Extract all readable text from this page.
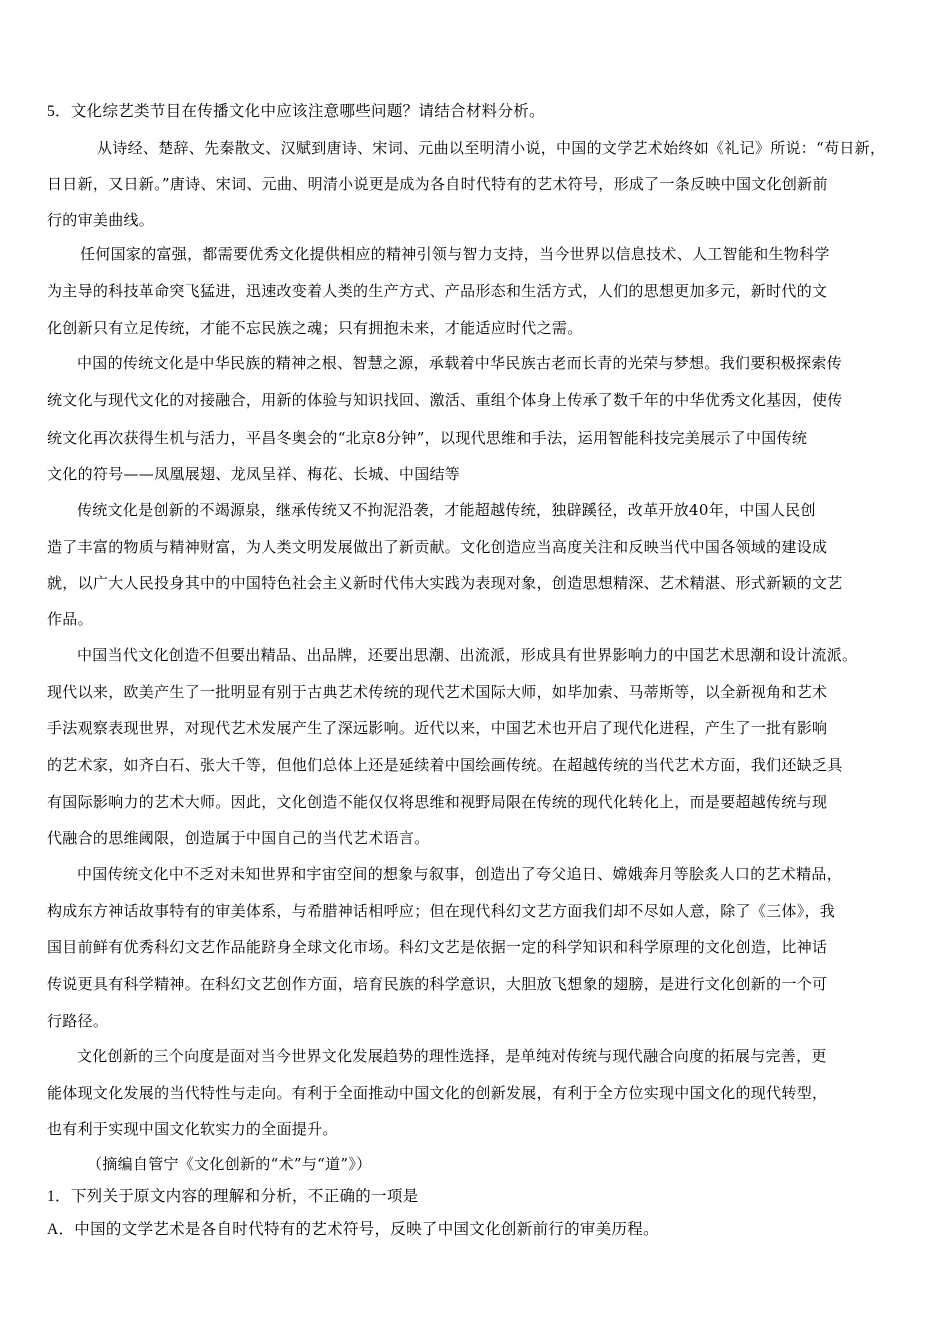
5．文化综艺类节目在传播文化中应该注意哪些问题？请结合材料分析。
从诗经、楚辞、先秦散文、汉赋到唐诗、宋词、元曲以至明清小说，中国的文学艺术始终如《礼记》所说：“苟日新，
日日新，又日新。”唐诗、宋词、元曲、明清小说更是成为各自时代特有的艺术符号，形成了一条反映中国文化创新前
行的审美曲线。
任何国家的富强，都需要优秀文化提供相应的精神引领与智力支持，当今世界以信息技术、人工智能和生物科学
为主导的科技革命突飞猛进，迅速改变着人类的生产方式、产品形态和生活方式，人们的思想更加多元，新时代的文
化创新只有立足传统，才能不忘民族之魂；只有拥抱未来，才能适应时代之需。
中国的传统文化是中华民族的精神之根、智慧之源，承载着中华民族古老而长青的光荣与梦想。我们要积极探索传
统文化与现代文化的对接融合，用新的体验与知识找回、激活、重组个体身上传承了数千年的中华优秀文化基因，使传
统文化再次获得生机与活力，平昌冬奥会的“北京8分钟”，以现代思维和手法，运用智能科技完美展示了中国传统
文化的符号——凤凰展翅、龙凤呈祥、梅花、长城、中国结等
传统文化是创新的不竭源泉，继承传统又不拘泥沿袭，才能超越传统，独辟蹊径，改革开放40年，中国人民创
造了丰富的物质与精神财富，为人类文明发展做出了新贡献。文化创造应当高度关注和反映当代中国各领域的建设成
就，以广大人民投身其中的中国特色社会主义新时代伟大实践为表现对象，创造思想精深、艺术精湛、形式新颖的文艺
作品。
中国当代文化创造不但要出精品、出品牌，还要出思潮、出流派，形成具有世界影响力的中国艺术思潮和设计流派。
现代以来，欧美产生了一批明显有别于古典艺术传统的现代艺术国际大师，如毕加索、马蒂斯等，以全新视角和艺术
手法观察表现世界，对现代艺术发展产生了深远影响。近代以来，中国艺术也开启了现代化进程，产生了一批有影响
的艺术家，如齐白石、张大千等，但他们总体上还是延续着中国绘画传统。在超越传统的当代艺术方面，我们还缺乏具
有国际影响力的艺术大师。因此，文化创造不能仅仅将思维和视野局限在传统的现代化转化上，而是要超越传统与现
代融合的思维阈限，创造属于中国自己的当代艺术语言。
中国传统文化中不乏对未知世界和宇宙空间的想象与叙事，创造出了夸父追日、嫦娥奔月等脍炙人口的艺术精品，
构成东方神话故事特有的审美体系，与希腊神话相呼应；但在现代科幻文艺方面我们却不尽如人意，除了《三体》，我
国目前鲜有优秀科幻文艺作品能跻身全球文化市场。科幻文艺是依据一定的科学知识和科学原理的文化创造，比神话
传说更具有科学精神。在科幻文艺创作方面，培育民族的科学意识，大胆放飞想象的翅膀，是进行文化创新的一个可
行路径。
文化创新的三个向度是面对当今世界文化发展趋势的理性选择，是单纯对传统与现代融合向度的拓展与完善，更
能体现文化发展的当代特性与走向。有利于全面推动中国文化的创新发展，有利于全方位实现中国文化的现代转型，
也有利于实现中国文化软实力的全面提升。
（摘编自管宁《文化创新的“术”与“道”》）
1．下列关于原文内容的理解和分析，不正确的一项是
A．中国的文学艺术是各自时代特有的艺术符号，反映了中国文化创新前行的审美历程。
